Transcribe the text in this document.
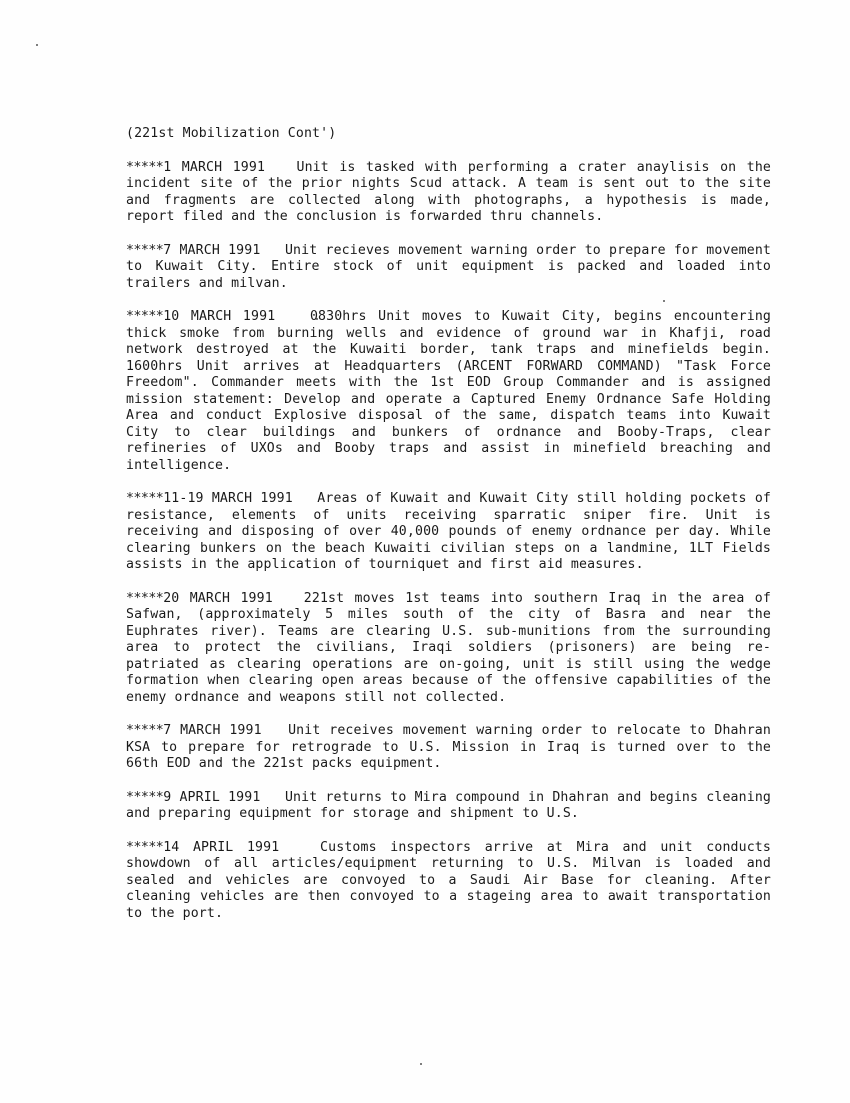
(221st Mobilization Cont')

*****1 MARCH 1991 Unit is tasked with performing a crater anaylisis on the incident site of the prior nights Scud attack. A team is sent out to the site and fragments are collected along with photographs, a hypothesis is made, report filed and the conclusion is forwarded thru channels.

*****7 MARCH 1991 Unit recieves movement warning order to prepare for movement to Kuwait City. Entire stock of unit equipment is packed and loaded into trailers and milvan.

*****10 MARCH 1991	0830hrs Unit moves to Kuwait City, begins encountering thick smoke from burning wells and evidence of ground war in Khafji, road network destroyed at the Kuwaiti border, tank traps and minefields begin. 1600hrs Unit arrives at Headquarters (ARCENT FORWARD COMMAND) "Task Force Freedom". Commander meets with the 1st EOD Group Commander and is assigned mission statement: Develop and operate a Captured Enemy Ordnance Safe Holding Area and conduct Explosive disposal of the same, dispatch teams into Kuwait City to clear buildings and bunkers of ordnance and Booby-Traps, clear refineries of UXOs and Booby traps and assist in minefield breaching and intelligence.

*****11-19 MARCH 1991 Areas of Kuwait and Kuwait City still holding pockets of resistance, elements of units receiving sparratic sniper fire. Unit is receiving and disposing of over 40,000 pounds of enemy ordnance per day. While clearing bunkers on the beach Kuwaiti civilian steps on a landmine, 1LT Fields assists in the application of tourniquet and first aid measures.

*****20 MARCH 1991 221st moves 1st teams into southern Iraq in the area of Safwan, (approximately 5 miles south of the city of Basra and near the Euphrates river). Teams are clearing U.S. sub-munitions from the surrounding area to protect the civilians, Iraqi soldiers (prisoners) are being re-patriated as clearing operations are on-going, unit is still using the wedge formation when clearing open areas because of the offensive capabilities of the enemy ordnance and weapons still not collected.

*****7 MARCH 1991 Unit receives movement warning order to relocate to Dhahran KSA to prepare for retrograde to U.S. Mission in Iraq is turned over to the 66th EOD and the 221st packs equipment.

*****9 APRIL 1991 Unit returns to Mira compound in Dhahran and begins cleaning and preparing equipment for storage and shipment to U.S.

*****14 APRIL 1991	Customs inspectors arrive at Mira and unit conducts showdown of all articles/equipment returning to U.S. Milvan is loaded and sealed and vehicles are convoyed to a Saudi Air Base for cleaning. After cleaning vehicles are then convoyed to a stageing area to await transportation to the port.
